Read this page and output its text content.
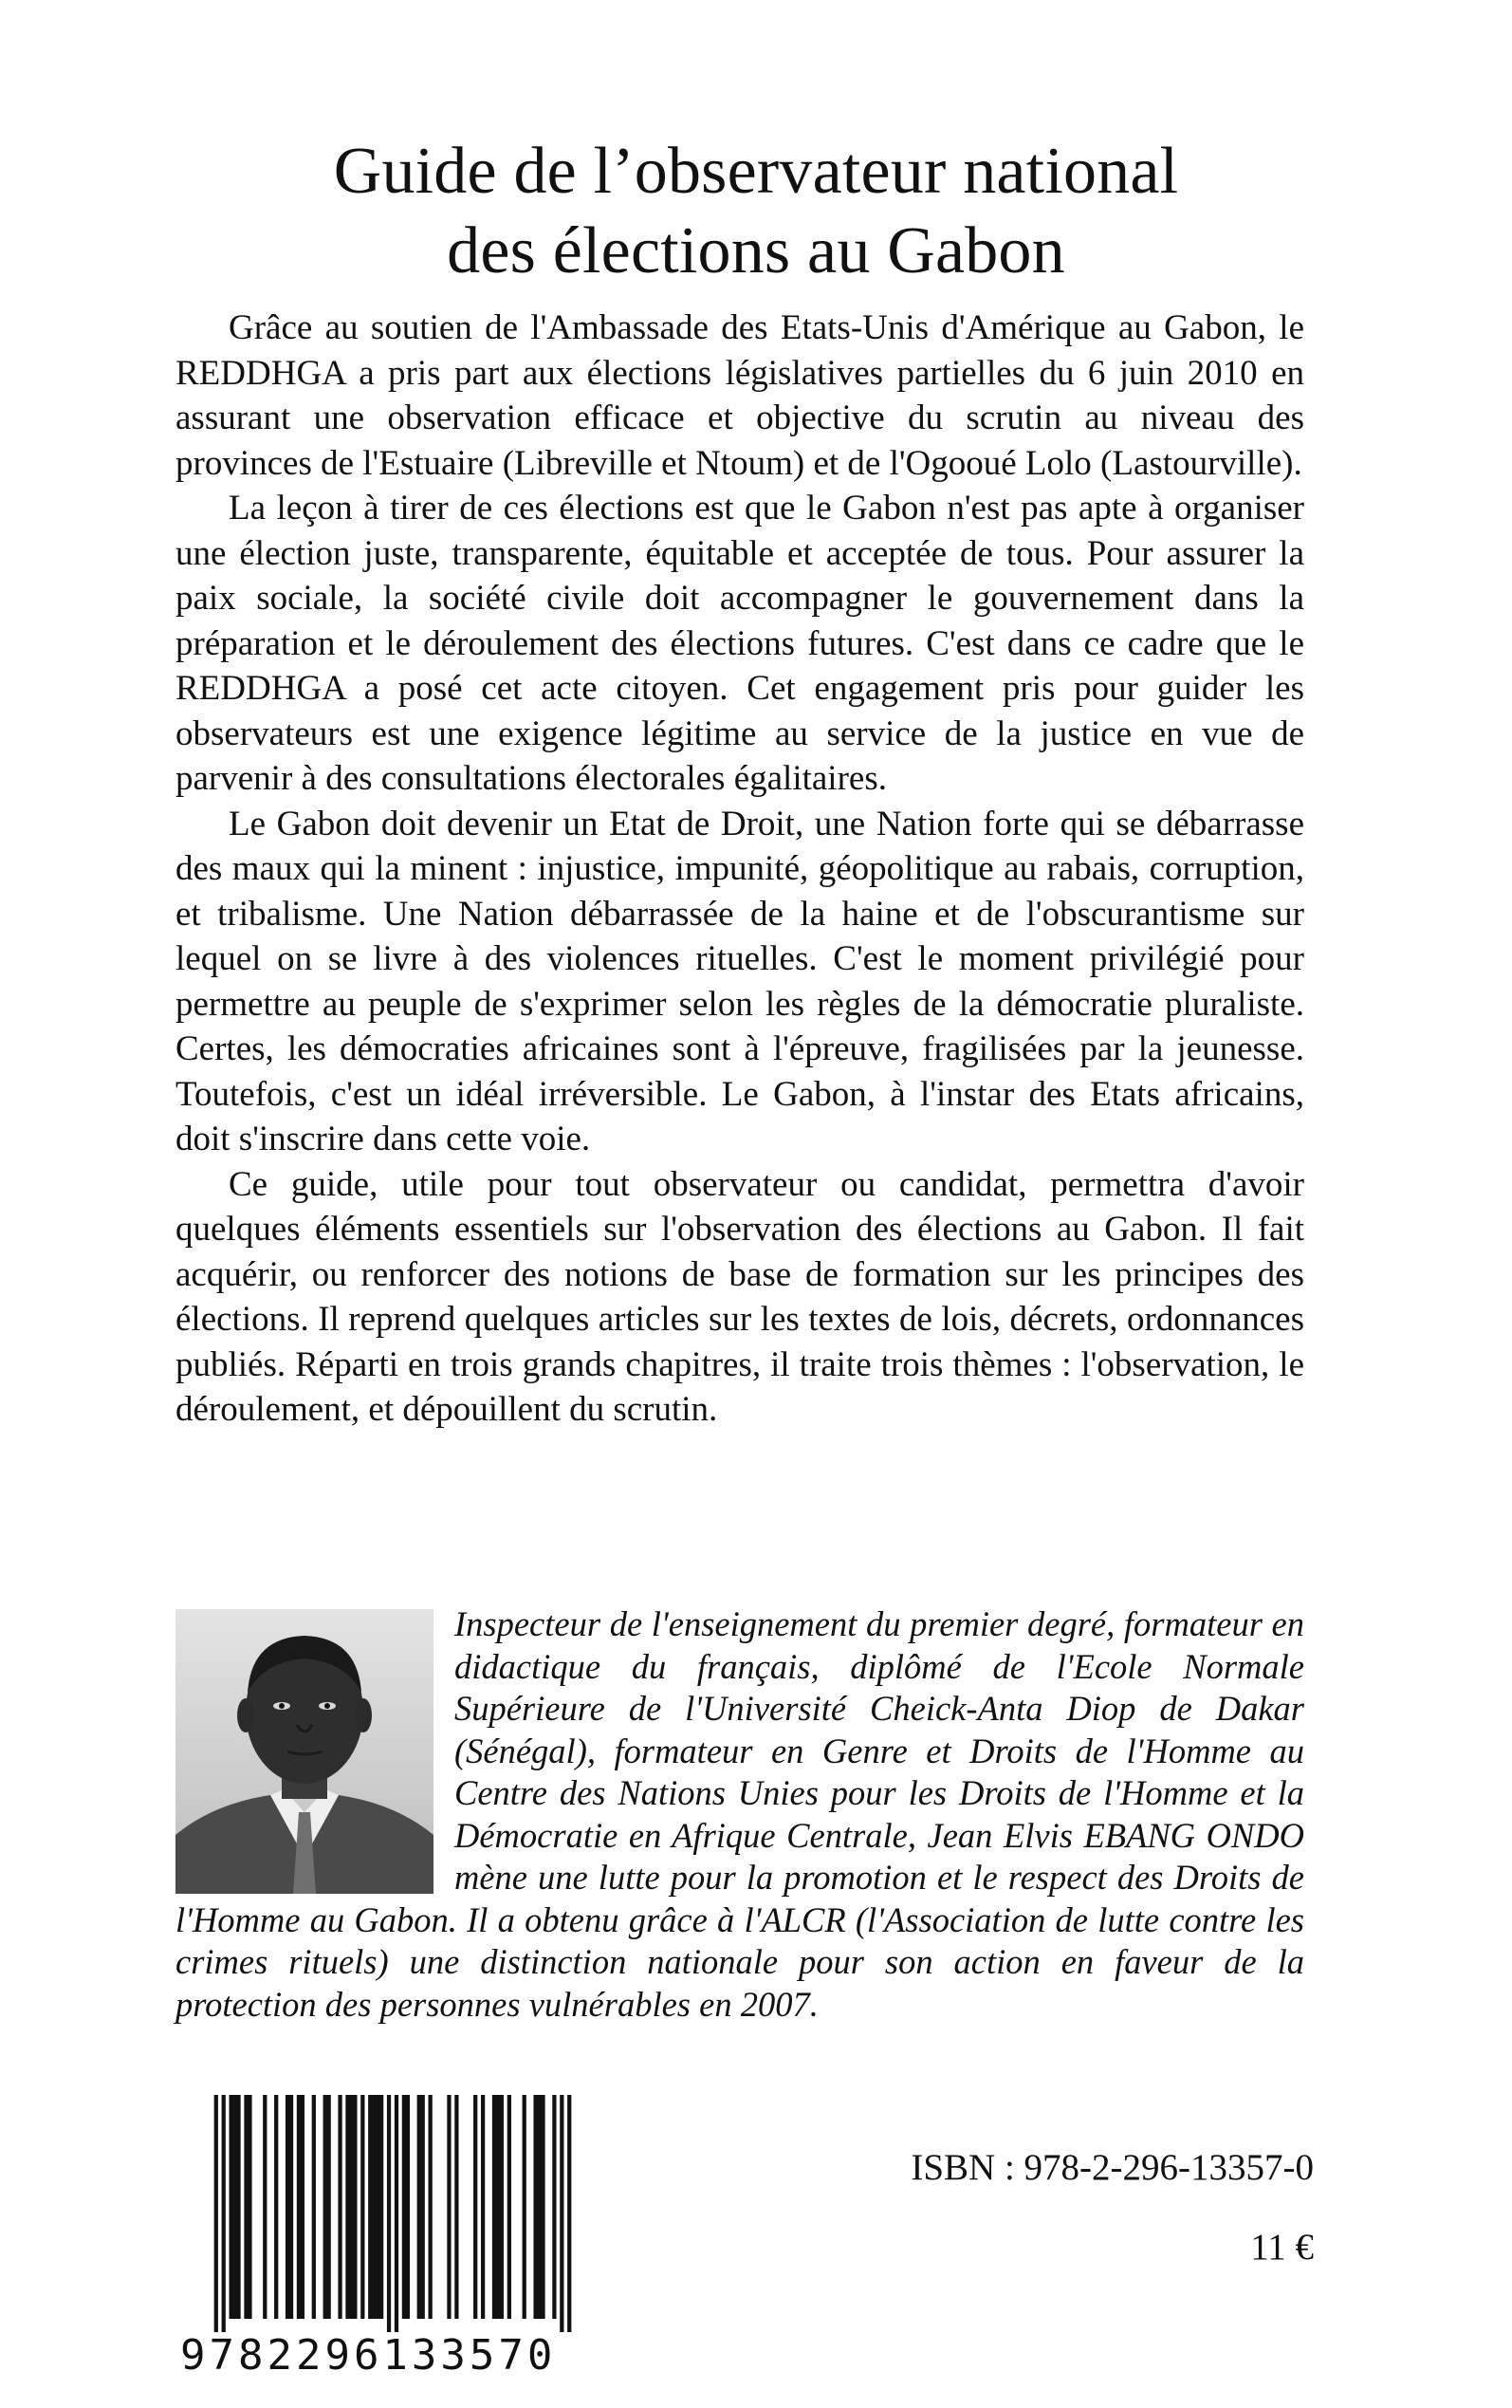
Guide de l’observateur national
des élections au Gabon

Grâce au soutien de l'Ambassade des Etats-Unis d'Amérique au Gabon, le REDDHGA a pris part aux élections législatives partielles du 6 juin 2010 en assurant une observation efficace et objective du scrutin au niveau des provinces de l'Estuaire (Libreville et Ntoum) et de l'Ogooué Lolo (Lastourville).

La leçon à tirer de ces élections est que le Gabon n'est pas apte à organiser une élection juste, transparente, équitable et acceptée de tous. Pour assurer la paix sociale, la société civile doit accompagner le gouvernement dans la préparation et le déroulement des élections futures. C'est dans ce cadre que le REDDHGA a posé cet acte citoyen. Cet engagement pris pour guider les observateurs est une exigence légitime au service de la justice en vue de parvenir à des consultations électorales égalitaires.

Le Gabon doit devenir un Etat de Droit, une Nation forte qui se débarrasse des maux qui la minent : injustice, impunité, géopolitique au rabais, corruption, et tribalisme. Une Nation débarrassée de la haine et de l'obscurantisme sur lequel on se livre à des violences rituelles. C'est le moment privilégié pour permettre au peuple de s'exprimer selon les règles de la démocratie pluraliste. Certes, les démocraties africaines sont à l'épreuve, fragilisées par la jeunesse. Toutefois, c'est un idéal irréversible. Le Gabon, à l'instar des Etats africains, doit s'inscrire dans cette voie.

Ce guide, utile pour tout observateur ou candidat, permettra d'avoir quelques éléments essentiels sur l'observation des élections au Gabon. Il fait acquérir, ou renforcer des notions de base de formation sur les principes des élections. Il reprend quelques articles sur les textes de lois, décrets, ordonnances publiés. Réparti en trois grands chapitres, il traite trois thèmes : l'observation, le déroulement, et dépouillent du scrutin.

Inspecteur de l'enseignement du premier degré, formateur en didactique du français, diplômé de l'Ecole Normale Supérieure de l'Université Cheick-Anta Diop de Dakar (Sénégal), formateur en Genre et Droits de l'Homme au Centre des Nations Unies pour les Droits de l'Homme et la Démocratie en Afrique Centrale, Jean Elvis EBANG ONDO mène une lutte pour la promotion et le respect des Droits de l'Homme au Gabon. Il a obtenu grâce à l'ALCR (l'Association de lutte contre les crimes rituels) une distinction nationale pour son action en faveur de la protection des personnes vulnérables en 2007.

9782296133570
ISBN : 978-2-296-13357-0
11 €
